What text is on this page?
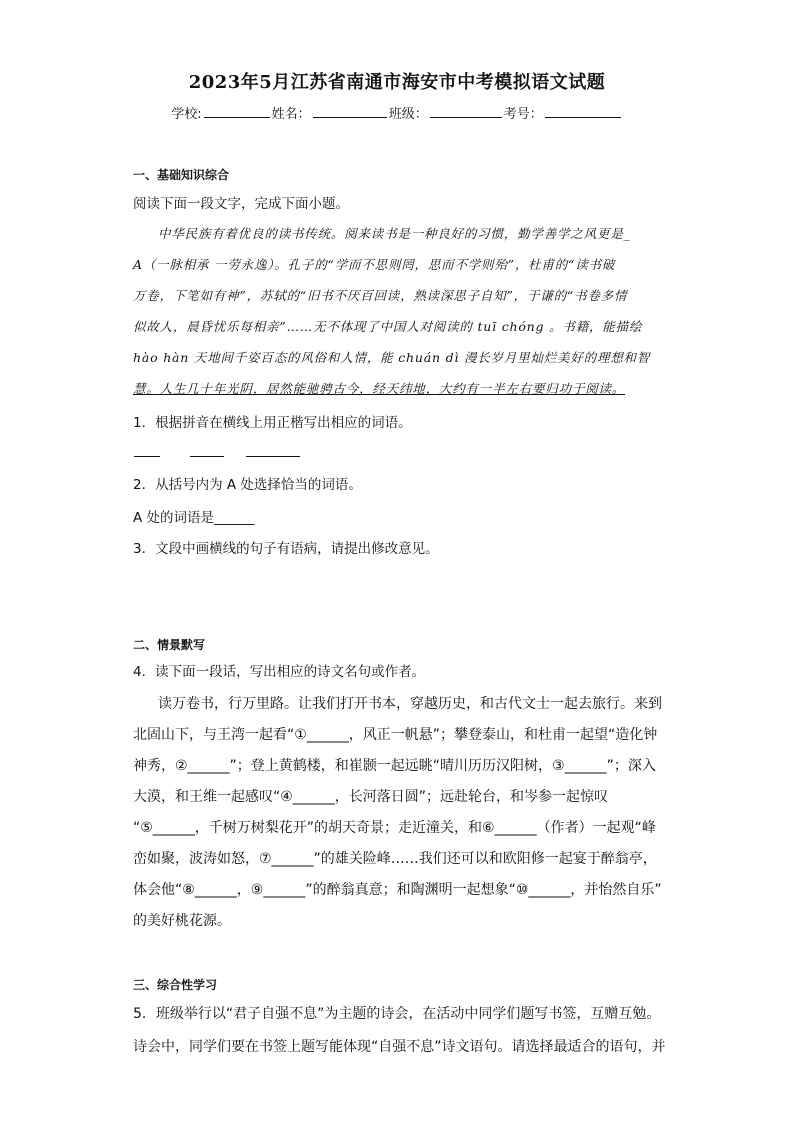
2023年5月江苏省南通市海安市中考模拟语文试题
学校:	姓名：	班级：	考号：
一、基础知识综合
阅读下面一段文字，完成下面小题。
中华民族有着优良的读书传统。阅来读书是一种良好的习惯，勤学善学之风更是_
A（一脉相承 一劳永逸）。孔子的“学而不思则罔，思而不学则殆”，杜甫的“读书破
万卷，下笔如有神”，苏轼的“旧书不厌百回读，熟读深思子自知”，于谦的“书卷多情
似故人，晨昏忧乐每相亲”……无不体现了中国人对阅读的 tuī chóng 。书籍，能描绘
hào hàn 天地间千姿百态的风俗和人情，能 chuán dì 漫长岁月里灿烂美好的理想和智
慧。人生几十年光阴，居然能驰骋古今，经天纬地，大约有一半左右要归功于阅读。
1．根据拼音在横线上用正楷写出相应的词语。
2．从括号内为 A 处选择恰当的词语。
A 处的词语是______
3．文段中画横线的句子有语病，请提出修改意见。
二、情景默写
4．读下面一段话，写出相应的诗文名句或作者。
读万卷书，行万里路。让我们打开书本，穿越历史，和古代文士一起去旅行。来到
北固山下，与王湾一起看“①______，风正一帆悬”；攀登泰山，和杜甫一起望“造化钟
神秀，②______”；登上黄鹤楼，和崔颢一起远眺“晴川历历汉阳树，③______”；深入
大漠，和王维一起感叹“④______，长河落日圆”；远赴轮台，和岑参一起惊叹
“⑤______，千树万树梨花开”的胡天奇景；走近潼关，和⑥______（作者）一起观“峰
峦如聚，波涛如怒，⑦______”的雄关险峰……我们还可以和欧阳修一起宴于醉翁亭，
体会他“⑧______，⑨______”的醉翁真意；和陶渊明一起想象“⑩______，并怡然自乐”
的美好桃花源。
三、综合性学习
5．班级举行以“君子自强不息”为主题的诗会，在活动中同学们题写书签，互赠互勉。
诗会中，同学们要在书签上题写能体现“自强不息”诗文语句。请选择最适合的语句，并
